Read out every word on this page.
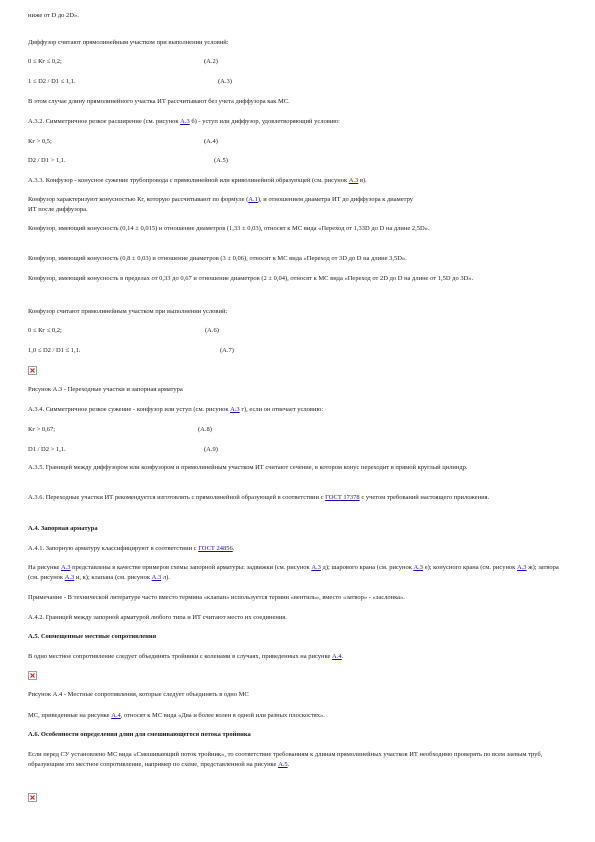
ниже от D до 2D».

Диффузор считают прямолинейным участком при выполнении условий:

0 ≤ Кг ≤ 0,2;	(А.2)
1 ≤ D2 / D1 ≤ 1,1.	(А.3)

В этом случае длину прямолинейного участка ИТ рассчитывают без учета диффузора как МС.

А.3.2. Симметричное резкое расширение (см. рисунок А.3 б) - уступ или диффузор, удовлетворяющий условию:

Кг > 0,5;	(А.4)
D2 / D1 > 1,1.	(А.5)

А.3.3. Конфузор - конусное сужение трубопровода с прямолинейной или криволинейной образующей (см. рисунок А.3 в).

Конфузор характеризуют конусностью Кг, которую рассчитывают по формуле (А.1), и отношением диаметра ИТ до диффузора к диаметру
ИТ после диффузора.

Конфузор, имеющий конусность (0,14 ± 0,015) и отношение диаметров (1,33 ± 0,03), относят к МС вида «Переход от 1,33D до D на длине 2,5D».

Конфузор, имеющий конусность (0,8 ± 0,03) и отношение диаметров (3 ± 0,06), относят к МС вида «Переход от 3D до D на длине 3,5D».

Конфузор, имеющий конусность в пределах от 0,33 до 0,67 и отношение диаметров (2 ± 0,04), относят к МС вида «Переход от 2D до D на длине от 1,5D до 3D».

Конфузор считают прямолинейным участком при выполнении условий:

0 ≤ Кг ≤ 0,2;	(А.6)
1,0 ≤ D2 / D1 ≤ 1,1.	(А.7)

Рисунок А.3 - Переходные участки и запорная арматура

А.3.4. Симметричное резкое сужение - конфузор или уступ (см. рисунок А.3 г), если он отвечает условию:

Кг > 0,67;	(А.8)
D1 / D2 > 1,1.	(А.9)

А.3.5. Границей между диффузором или конфузором и прямолинейным участком ИТ считают сечение, в котором конус переходит в прямой круглый цилиндр.

А.3.6. Переходные участки ИТ рекомендуется изготовлять с прямолинейной образующей в соответствии с ГОСТ 17378 с учетом требований настоящего приложения.

А.4. Запорная арматура

А.4.1. Запорную арматуру классифицируют в соответствии с ГОСТ 24856.

На рисунке А.3 представлены в качестве примеров схемы запорной арматуры: задвижки (см. рисунок А.3 д); шарового крана (см. рисунок А.3 е); конусного крана (см. рисунок А.3 ж); затвора (см. рисунок А.3 и, к); клапана (см. рисунок А.3 л).

Примечание - В технической литературе часто вместо термина «клапан» используется термин «вентиль», вместо «затвор» - «заслонка».

А.4.2. Границей между запорной арматурой любого типа и ИТ считают место их соединения.

А.5. Совмещенные местные сопротивления

В одно местное сопротивление следует объединять тройники с коленами в случаях, приведенных на рисунке А.4.

Рисунок А.4 - Местные сопротивления, которые следует объединять в одно МС

МС, приведенные на рисунке А.4, относят к МС вида «Два и более колен в одной или разных плоскостях».

А.6. Особенности определения длин для смешивающегося потока тройника

Если перед СУ установлено МС вида «Смешивающий поток тройник», то соответствие требованиям к длинам прямолинейных участков ИТ необходимо проверять по всем заевым труб, образующим это местное сопротивление, например по схеме, представленной на рисунке А.5.
